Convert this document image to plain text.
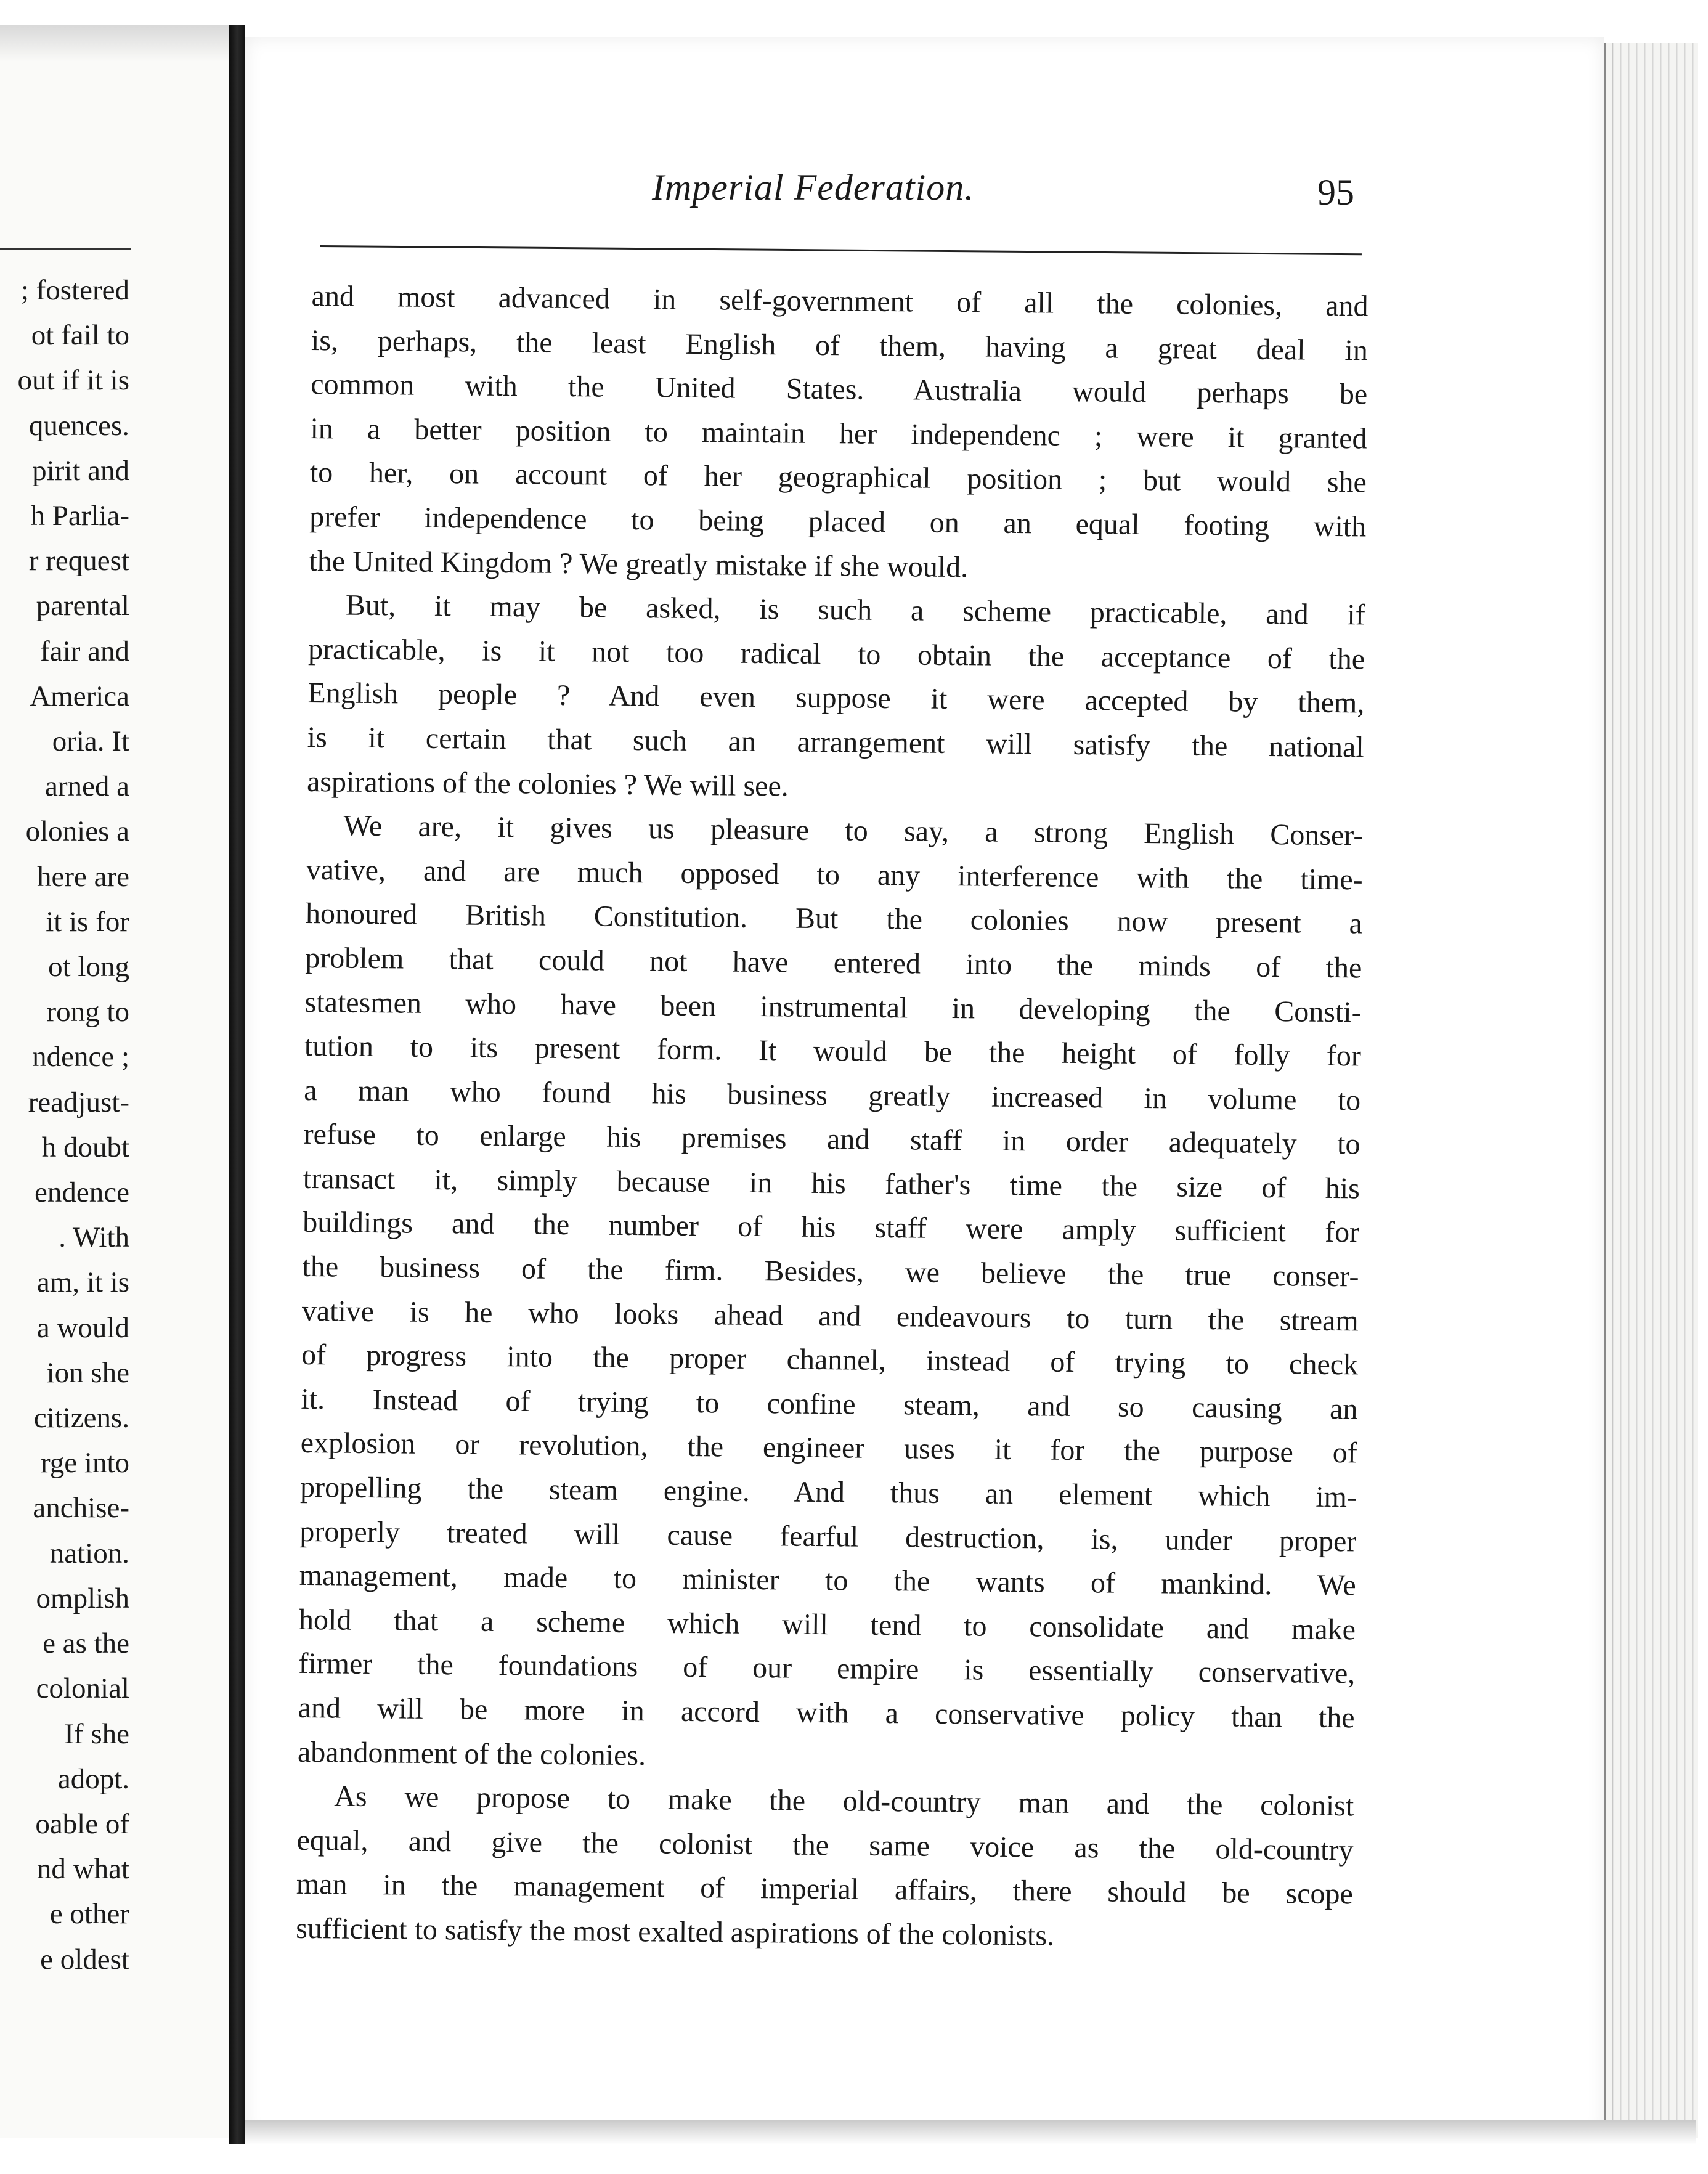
; fostered
ot fail to
out if it is
quences.
pirit and
h Parlia-
r request
parental
fair and
America
oria. It
arned a
olonies a
here are
it is for
ot long
rong to
ndence ;
readjust-
h doubt
endence
. With
am, it is
a would
ion she
citizens.
rge into
anchise-
nation.
omplish
e as the
colonial
If she
adopt.
oable of
nd what
e other
e oldest
Imperial Federation.	95
and most advanced in self-government of all the colonies, and
is, perhaps, the least English of them, having a great deal in
common with the United States. Australia would perhaps be
in a better position to maintain her independenc ; were it granted
to her, on account of her geographical position ; but would she
prefer independence to being placed on an equal footing with
the United Kingdom ? We greatly mistake if she would.
But, it may be asked, is such a scheme practicable, and if
practicable, is it not too radical to obtain the acceptance of the
English people ? And even suppose it were accepted by them,
is it certain that such an arrangement will satisfy the national
aspirations of the colonies ? We will see.
We are, it gives us pleasure to say, a strong English Conser-
vative, and are much opposed to any interference with the time-
honoured British Constitution. But the colonies now present a
problem that could not have entered into the minds of the
statesmen who have been instrumental in developing the Consti-
tution to its present form. It would be the height of folly for
a man who found his business greatly increased in volume to
refuse to enlarge his premises and staff in order adequately to
transact it, simply because in his father's time the size of his
buildings and the number of his staff were amply sufficient for
the business of the firm. Besides, we believe the true conser-
vative is he who looks ahead and endeavours to turn the stream
of progress into the proper channel, instead of trying to check
it. Instead of trying to confine steam, and so causing an
explosion or revolution, the engineer uses it for the purpose of
propelling the steam engine. And thus an element which im-
properly treated will cause fearful destruction, is, under proper
management, made to minister to the wants of mankind. We
hold that a scheme which will tend to consolidate and make
firmer the foundations of our empire is essentially conservative,
and will be more in accord with a conservative policy than the
abandonment of the colonies.
As we propose to make the old-country man and the colonist
equal, and give the colonist the same voice as the old-country
man in the management of imperial affairs, there should be scope
sufficient to satisfy the most exalted aspirations of the colonists.
